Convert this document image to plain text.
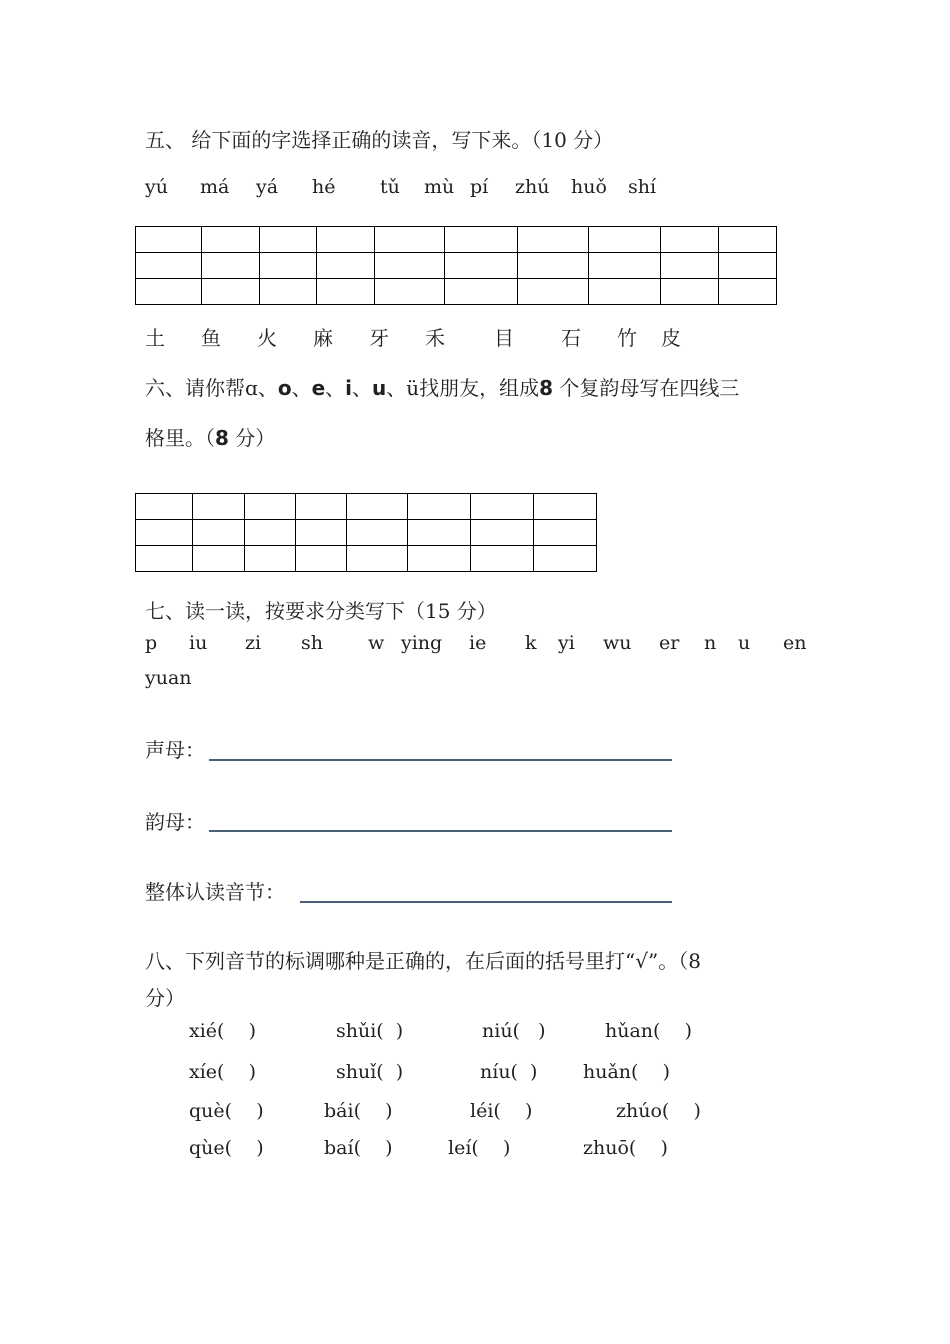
五、 给下面的字选择正确的读音，写下来。（10 分）
yú má yá hé tǔ mù pí zhú huǒ shí

土 鱼 火 麻 牙 禾 目 石 竹 皮
六、请你帮ɑ、o、e、i、u、ü找朋友，组成8 个复韵母写在四线三
格里。（8 分）

七、读一读，按要求分类写下（15 分）
p iu zi sh w ying ie k yi wu er n u en
yuan
声母：
韵母：
整体认读音节：
八、下列音节的标调哪种是正确的，在后面的括号里打“√”。（8
分）
xié(    )	shǔi(  )	niú(   )	hǔan(    )
xíe(    )	shuǐ(  )	níu(  ) huǎn(    )
què(    )	bái(    )	léi(    )	zhúo(    )
qùe(    )	baí(    )	leí(    )	zhuō(    )
